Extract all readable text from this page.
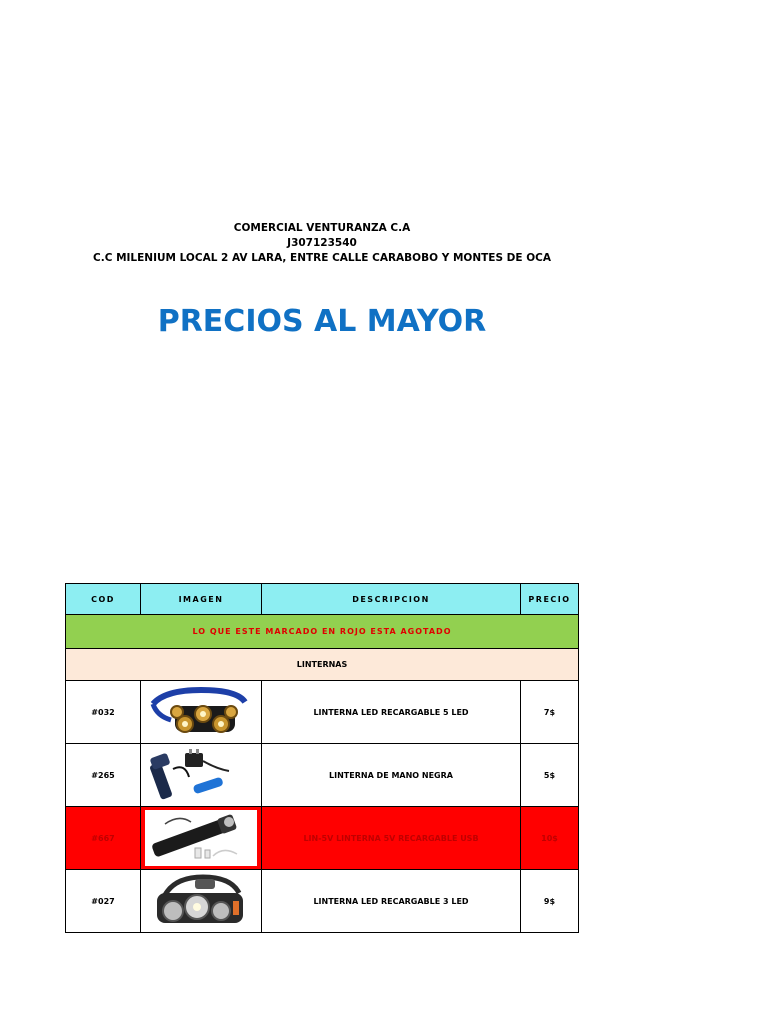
COMERCIAL VENTURANZA C.A
J307123540
C.C MILENIUM LOCAL 2 AV LARA, ENTRE CALLE CARABOBO Y MONTES DE OCA
PRECIOS AL MAYOR
COD	IMAGEN	DESCRIPCION	PRECIO
LO QUE ESTE MARCADO EN ROJO ESTA AGOTADO			
LINTERNAS			
#032		LINTERNA LED RECARGABLE 5 LED	7$
#265		LINTERNA DE MANO NEGRA	5$
#667		LIN-5V LINTERNA 5V RECARGABLE USB	10$
#027		LINTERNA LED RECARGABLE 3 LED	9$
